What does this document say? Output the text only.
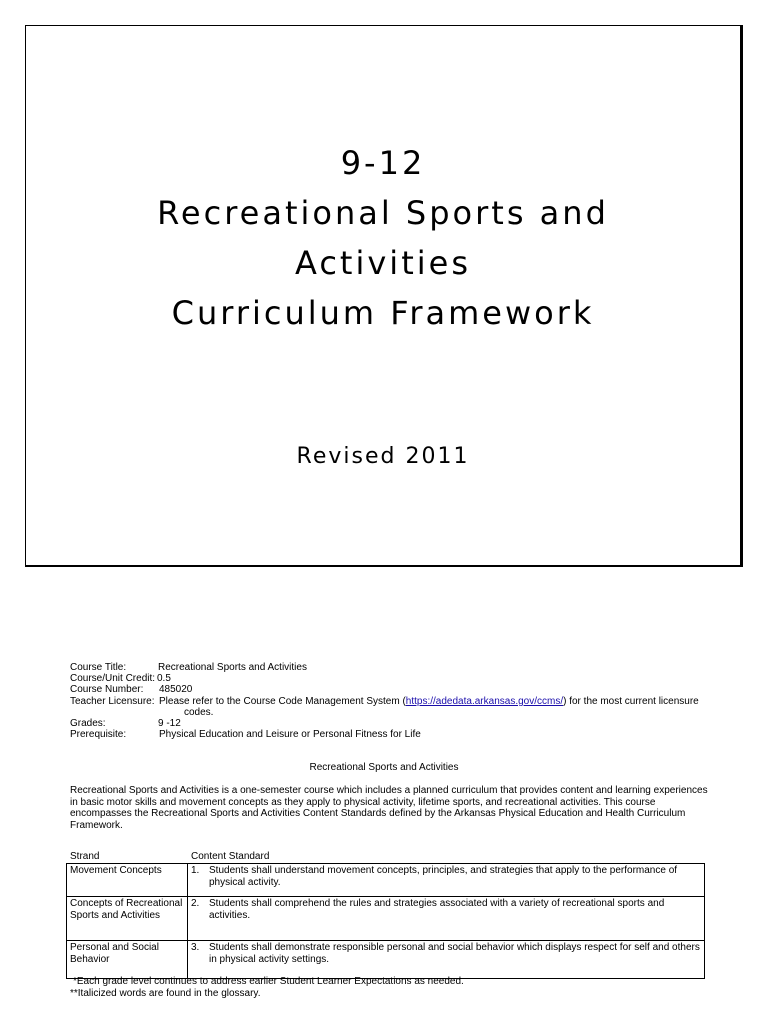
9-12
Recreational Sports and
Activities
Curriculum Framework
Revised 2011
Course Title:	Recreational Sports and Activities
Course/Unit Credit: 0.5
Course Number: 485020
Teacher Licensure: Please refer to the Course Code Management System (https://adedata.arkansas.gov/ccms/) for the most current licensure
codes.
Grades:	9 -12
Prerequisite:	Physical Education and Leisure or Personal Fitness for Life
Recreational Sports and Activities
Recreational Sports and Activities is a one-semester course which includes a planned curriculum that provides content and learning experiences in basic motor skills and movement concepts as they apply to physical activity, lifetime sports, and recreational activities. This course encompasses the Recreational Sports and Activities Content Standards defined by the Arkansas Physical Education and Health Curriculum Framework.
Strand	Content Standard
Movement Concepts	1.	Students shall understand movement concepts, principles, and strategies that apply to the performance of physical activity.
Concepts of Recreational Sports and Activities	2.	Students shall comprehend the rules and strategies associated with a variety of recreational sports and activities.
Personal and Social Behavior	3.	Students shall demonstrate responsible personal and social behavior which displays respect for self and others in physical activity settings.
*Each grade level continues to address earlier Student Learner Expectations as needed.
**Italicized words are found in the glossary.
